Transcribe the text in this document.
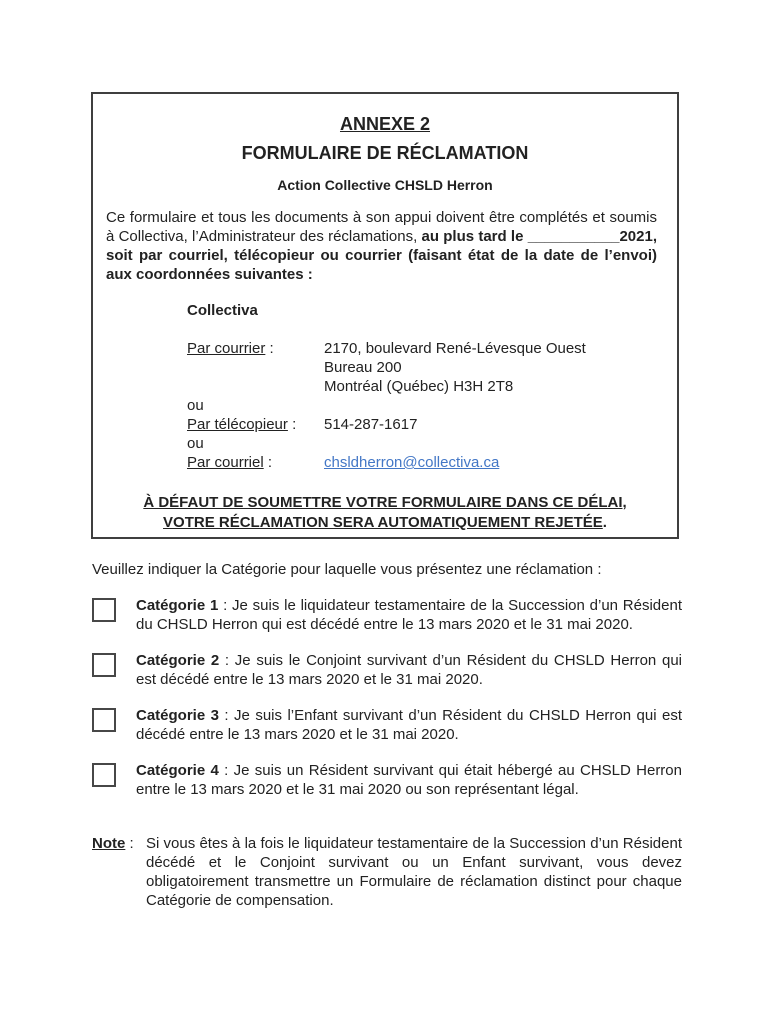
ANNEXE 2
FORMULAIRE DE RÉCLAMATION
Action Collective CHSLD Herron
Ce formulaire et tous les documents à son appui doivent être complétés et soumis à Collectiva, l’Administrateur des réclamations, au plus tard le ___________2021, soit par courriel, télécopieur ou courrier (faisant état de la date de l’envoi) aux coordonnées suivantes :
Collectiva
Par courrier :	2170, boulevard René-Lévesque Ouest
Bureau 200
Montréal (Québec) H3H 2T8
ou
Par télécopieur :	514-287-1617
ou
Par courriel :	chsldherron@collectiva.ca
À DÉFAUT DE SOUMETTRE VOTRE FORMULAIRE DANS CE DÉLAI,
VOTRE RÉCLAMATION SERA AUTOMATIQUEMENT REJETÉE.
Veuillez indiquer la Catégorie pour laquelle vous présentez une réclamation :
Catégorie 1 : Je suis le liquidateur testamentaire de la Succession d’un Résident du CHSLD Herron qui est décédé entre le 13 mars 2020 et le 31 mai 2020.
Catégorie 2 : Je suis le Conjoint survivant d’un Résident du CHSLD Herron qui est décédé entre le 13 mars 2020 et le 31 mai 2020.
Catégorie 3 : Je suis l’Enfant survivant d’un Résident du CHSLD Herron qui est décédé entre le 13 mars 2020 et le 31 mai 2020.
Catégorie 4 : Je suis un Résident survivant qui était hébergé au CHSLD Herron entre le 13 mars 2020 et le 31 mai 2020 ou son représentant légal.
Note : Si vous êtes à la fois le liquidateur testamentaire de la Succession d’un Résident décédé et le Conjoint survivant ou un Enfant survivant, vous devez obligatoirement transmettre un Formulaire de réclamation distinct pour chaque Catégorie de compensation.
